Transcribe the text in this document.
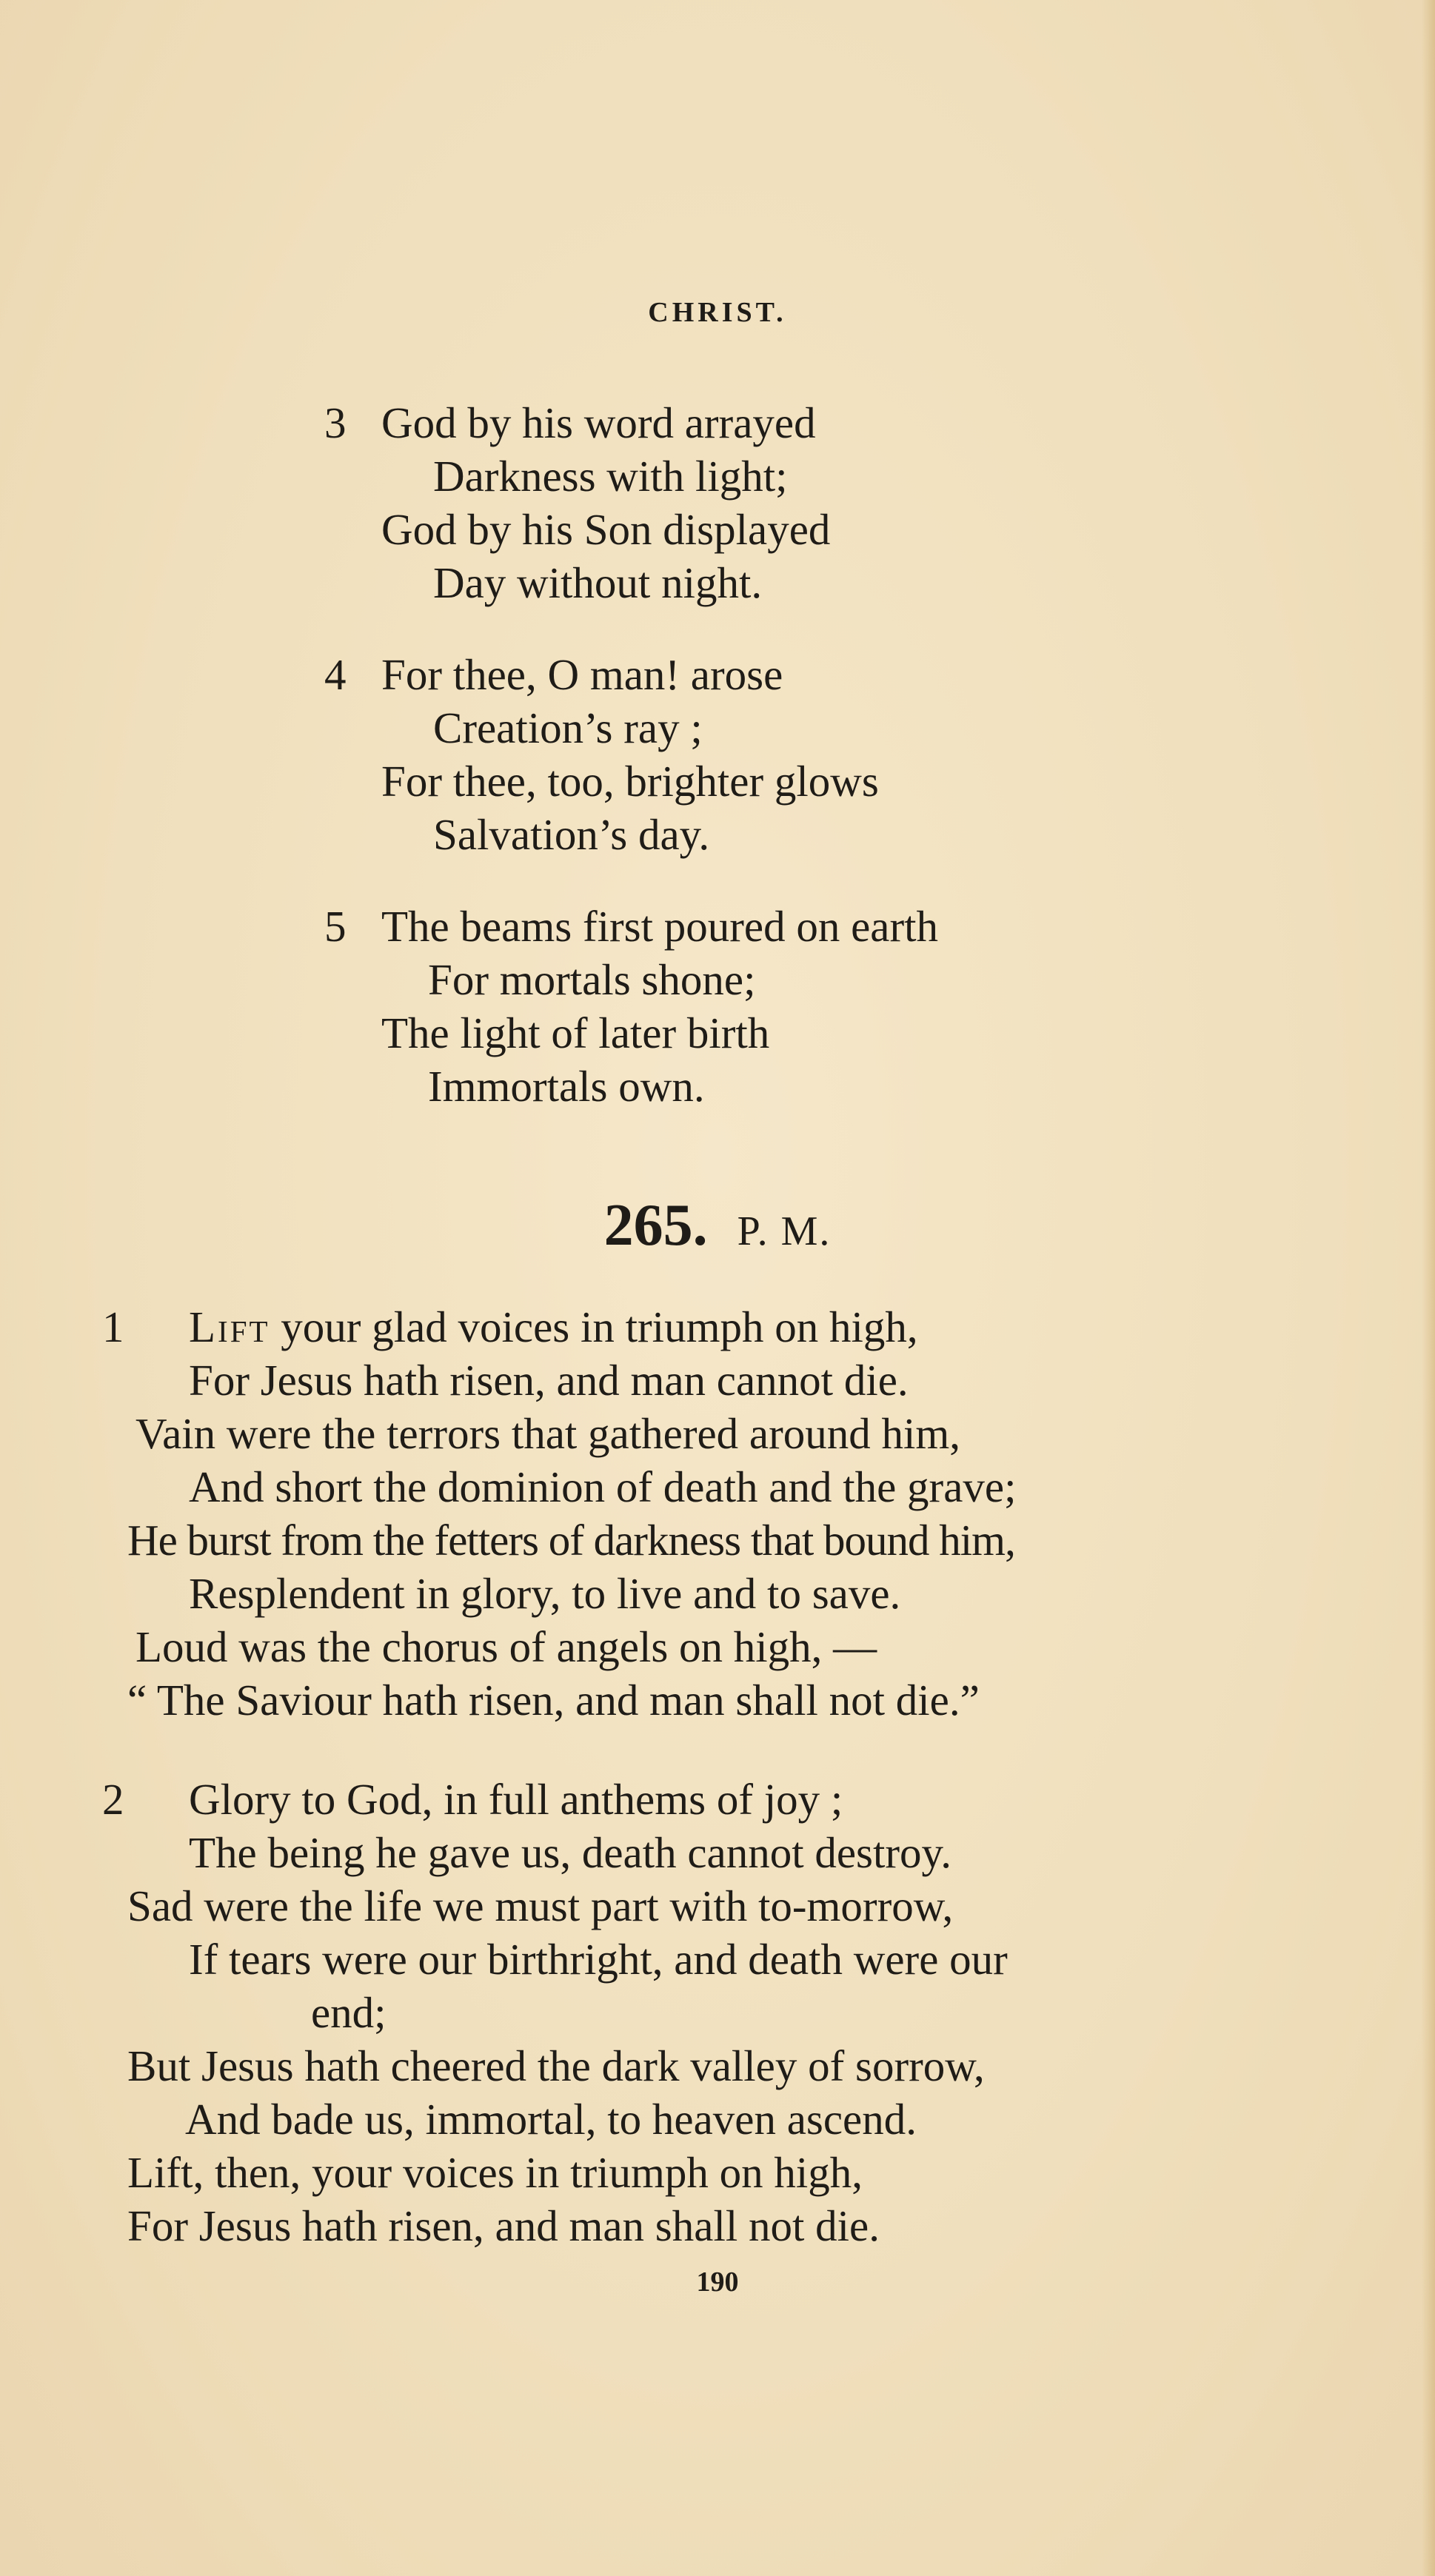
CHRIST.
3 God by his word arrayed
Darkness with light;
God by his Son displayed
Day without night.
4 For thee, O man! arose
Creation’s ray ;
For thee, too, brighter glows
Salvation’s day.
5 The beams first poured on earth
For mortals shone;
The light of later birth
Immortals own.
265. P. M.
1 Lift your glad voices in triumph on high,
For Jesus hath risen, and man cannot die.
Vain were the terrors that gathered around him,
And short the dominion of death and the grave;
He burst from the fetters of darkness that bound him,
Resplendent in glory, to live and to save.
Loud was the chorus of angels on high, —
“ The Saviour hath risen, and man shall not die.”
2 Glory to God, in full anthems of joy ;
The being he gave us, death cannot destroy.
Sad were the life we must part with to-morrow,
If tears were our birthright, and death were our
end;
But Jesus hath cheered the dark valley of sorrow,
And bade us, immortal, to heaven ascend.
Lift, then, your voices in triumph on high,
For Jesus hath risen, and man shall not die.
190
